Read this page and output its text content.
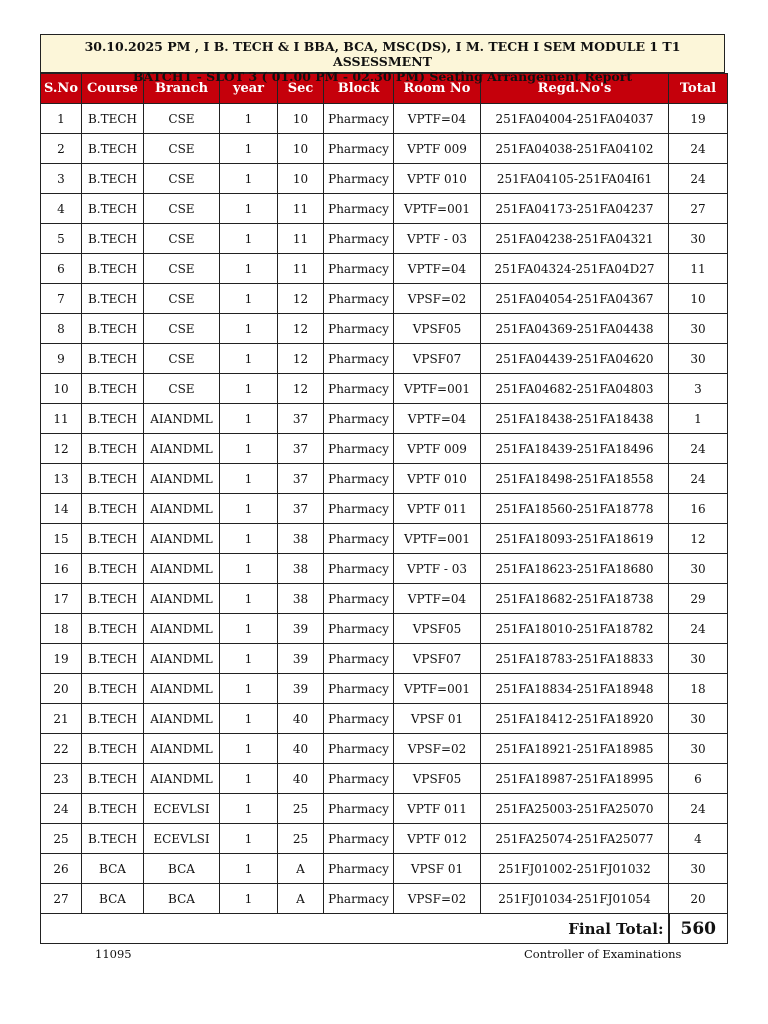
30.10.2025 PM , I B. TECH & I BBA, BCA, MSC(DS), I M. TECH I SEM MODULE 1 T1 ASSESSMENT
BATCH1 - SLOT 3 ( 01.00 PM - 02.30 PM) Seating Arrangement Report
S.No	Course	Branch	year	Sec	Block	Room No	Regd.No's	Total
1	B.TECH	CSE	1	10	Pharmacy	VPTF=04	251FA04004-251FA04037	19
2	B.TECH	CSE	1	10	Pharmacy	VPTF 009	251FA04038-251FA04102	24
3	B.TECH	CSE	1	10	Pharmacy	VPTF 010	251FA04105-251FA04I61	24
4	B.TECH	CSE	1	11	Pharmacy	VPTF=001	251FA04173-251FA04237	27
5	B.TECH	CSE	1	11	Pharmacy	VPTF - 03	251FA04238-251FA04321	30
6	B.TECH	CSE	1	11	Pharmacy	VPTF=04	251FA04324-251FA04D27	11
7	B.TECH	CSE	1	12	Pharmacy	VPSF=02	251FA04054-251FA04367	10
8	B.TECH	CSE	1	12	Pharmacy	VPSF05	251FA04369-251FA04438	30
9	B.TECH	CSE	1	12	Pharmacy	VPSF07	251FA04439-251FA04620	30
10	B.TECH	CSE	1	12	Pharmacy	VPTF=001	251FA04682-251FA04803	3
11	B.TECH	AIANDML	1	37	Pharmacy	VPTF=04	251FA18438-251FA18438	1
12	B.TECH	AIANDML	1	37	Pharmacy	VPTF 009	251FA18439-251FA18496	24
13	B.TECH	AIANDML	1	37	Pharmacy	VPTF 010	251FA18498-251FA18558	24
14	B.TECH	AIANDML	1	37	Pharmacy	VPTF 011	251FA18560-251FA18778	16
15	B.TECH	AIANDML	1	38	Pharmacy	VPTF=001	251FA18093-251FA18619	12
16	B.TECH	AIANDML	1	38	Pharmacy	VPTF - 03	251FA18623-251FA18680	30
17	B.TECH	AIANDML	1	38	Pharmacy	VPTF=04	251FA18682-251FA18738	29
18	B.TECH	AIANDML	1	39	Pharmacy	VPSF05	251FA18010-251FA18782	24
19	B.TECH	AIANDML	1	39	Pharmacy	VPSF07	251FA18783-251FA18833	30
20	B.TECH	AIANDML	1	39	Pharmacy	VPTF=001	251FA18834-251FA18948	18
21	B.TECH	AIANDML	1	40	Pharmacy	VPSF 01	251FA18412-251FA18920	30
22	B.TECH	AIANDML	1	40	Pharmacy	VPSF=02	251FA18921-251FA18985	30
23	B.TECH	AIANDML	1	40	Pharmacy	VPSF05	251FA18987-251FA18995	6
24	B.TECH	ECEVLSI	1	25	Pharmacy	VPTF 011	251FA25003-251FA25070	24
25	B.TECH	ECEVLSI	1	25	Pharmacy	VPTF 012	251FA25074-251FA25077	4
26	BCA	BCA	1	A	Pharmacy	VPSF 01	251FJ01002-251FJ01032	30
27	BCA	BCA	1	A	Pharmacy	VPSF=02	251FJ01034-251FJ01054	20
Final Total:								560
11095	Controller of Examinations
